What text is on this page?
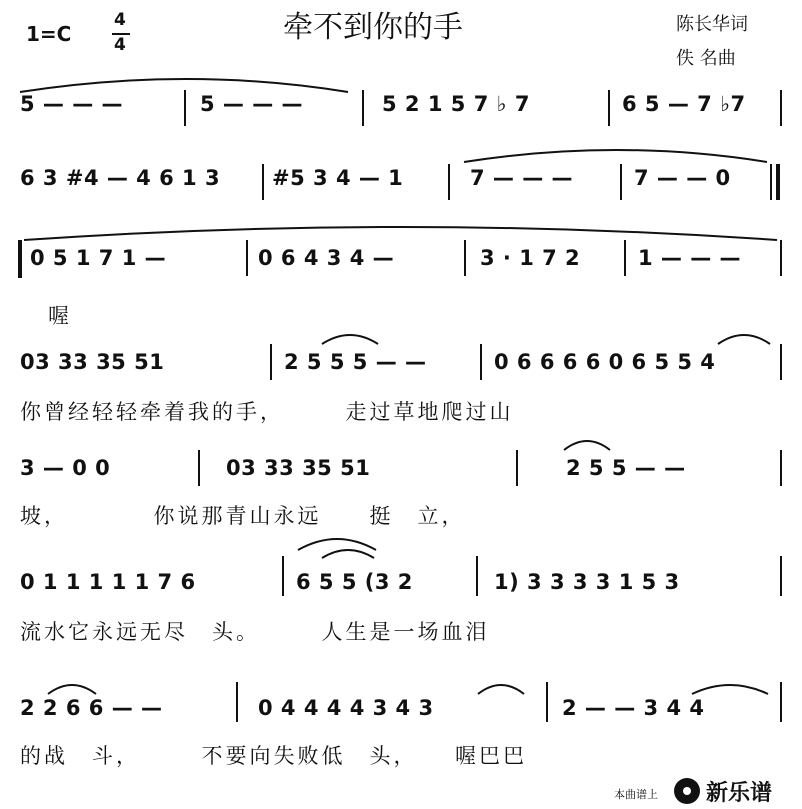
1=C
4
4	牵不到你的手	陈长华词
佚 名曲
5 — — —	5 — — —	5 2 1 5 7 ♭ 7	6 5 — 7 ♭7
6 3 #4 — 4 6 1 3 #5 3 4 — 1	7 — — —	7 — — 0
0 5 1 7 1 —	0 6 4 3 4 —	3 · 1 7 2	1 — — —
喔
03 33 35 51	2 5 5 5 — —	0 6 6 6 6 0 6 5 5 4
你曾经轻轻牵着我的手，　　　走过草地爬过山
3 — 0 0	03 33 35 51	2 5 5 — —
坡，　　　　你说那青山永远　　挺　立，
0 1 1 1 1 1 7 6	6 5 5 (3 2	1) 3 3 3 3 1 5 3
流水它永远无尽　头。　　　人生是一场血泪
2 2 6 6 — —	0 4 4 4 4 3 4 3	2 — — 3 4 4
的战　斗，　　　不要向失败低　头，　　喔巴巴
本曲谱上 新乐谱
